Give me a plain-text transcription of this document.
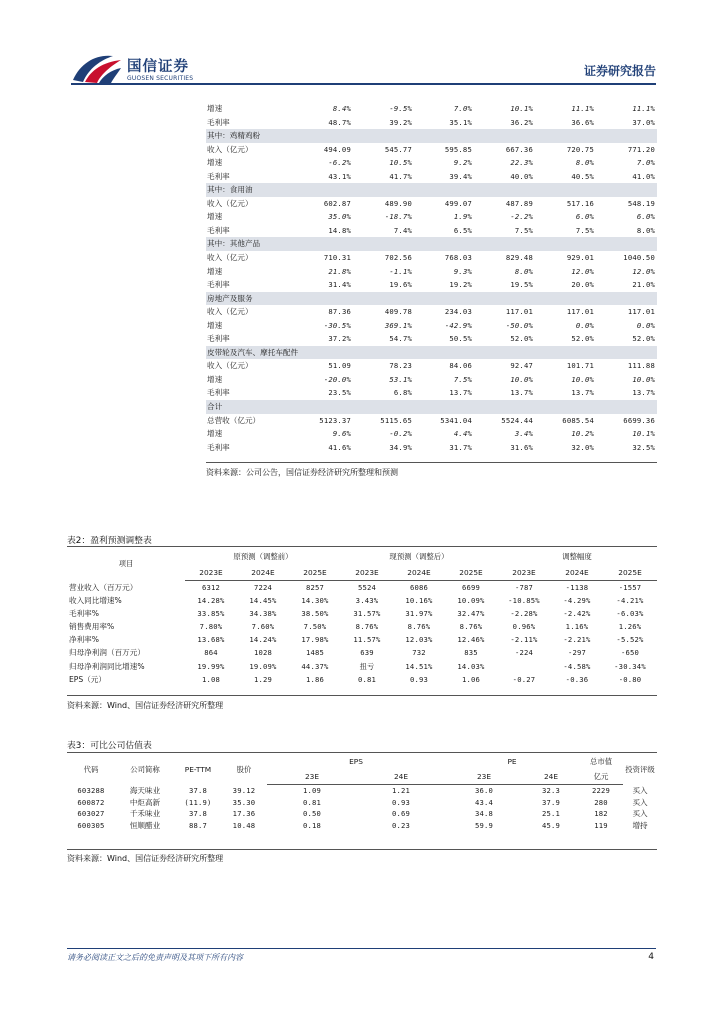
国信证券
GUOSEN SECURITIES
证券研究报告
增速	8.4%	-9.5%	7.0%	10.1%	11.1%	11.1%
毛利率	48.7%	39.2%	35.1%	36.2%	36.6%	37.0%
其中：鸡精鸡粉						
收入（亿元）	494.09	545.77	595.85	667.36	720.75	771.20
增速	-6.2%	10.5%	9.2%	22.3%	8.0%	7.0%
毛利率	43.1%	41.7%	39.4%	40.0%	40.5%	41.0%
其中：食用油						
收入（亿元）	602.87	489.90	499.07	487.89	517.16	548.19
增速	35.0%	-18.7%	1.9%	-2.2%	6.0%	6.0%
毛利率	14.8%	7.4%	6.5%	7.5%	7.5%	8.0%
其中：其他产品						
收入（亿元）	710.31	702.56	768.03	829.48	929.01	1040.50
增速	21.8%	-1.1%	9.3%	8.0%	12.0%	12.0%
毛利率	31.4%	19.6%	19.2%	19.5%	20.0%	21.0%
房地产及服务						
收入（亿元）	87.36	409.78	234.03	117.01	117.01	117.01
增速	-30.5%	369.1%	-42.9%	-50.0%	0.0%	0.0%
毛利率	37.2%	54.7%	50.5%	52.0%	52.0%	52.0%
皮带轮及汽车、摩托车配件						
收入（亿元）	51.09	78.23	84.06	92.47	101.71	111.88
增速	-20.0%	53.1%	7.5%	10.0%	10.0%	10.0%
毛利率	23.5%	6.8%	13.7%	13.7%	13.7%	13.7%
合计						
总营收（亿元）	5123.37	5115.65	5341.04	5524.44	6085.54	6699.36
增速	9.6%	-0.2%	4.4%	3.4%	10.2%	10.1%
毛利率	41.6%	34.9%	31.7%	31.6%	32.0%	32.5%
资料来源：公司公告，国信证券经济研究所整理和预测
表2：盈利预测调整表
项目	原预测（调整前）			现预测（调整后）			调整幅度		
	2023E	2024E	2025E	2023E	2024E	2025E	2023E	2024E	2025E
营业收入（百万元）	6312	7224	8257	5524	6086	6699	-787	-1138	-1557
收入同比增速%	14.28%	14.45%	14.30%	3.43%	10.16%	10.09%	-10.85%	-4.29%	-4.21%
毛利率%	33.85%	34.38%	38.50%	31.57%	31.97%	32.47%	-2.28%	-2.42%	-6.03%
销售费用率%	7.80%	7.60%	7.50%	8.76%	8.76%	8.76%	0.96%	1.16%	1.26%
净利率%	13.68%	14.24%	17.98%	11.57%	12.03%	12.46%	-2.11%	-2.21%	-5.52%
归母净利润（百万元）	864	1028	1485	639	732	835	-224	-297	-650
归母净利润同比增速%	19.99%	19.09%	44.37%	扭亏	14.51%	14.03%		-4.58%	-30.34%
EPS（元）	1.08	1.29	1.86	0.81	0.93	1.06	-0.27	-0.36	-0.80
资料来源：Wind、国信证券经济研究所整理
表3：可比公司估值表
代码	公司简称	PE-TTM	股价	EPS		PE		总市值	投资评级
				23E	24E	23E	24E	亿元	
603288	海天味业	37.8	39.12	1.09	1.21	36.0	32.3	2229	买入
600872	中炬高新	(11.9)	35.30	0.81	0.93	43.4	37.9	280	买入
603027	千禾味业	37.8	17.36	0.50	0.69	34.8	25.1	182	买入
600305	恒顺醋业	88.7	10.48	0.18	0.23	59.9	45.9	119	增持
资料来源：Wind、国信证券经济研究所整理
请务必阅读正文之后的免责声明及其项下所有内容	4
